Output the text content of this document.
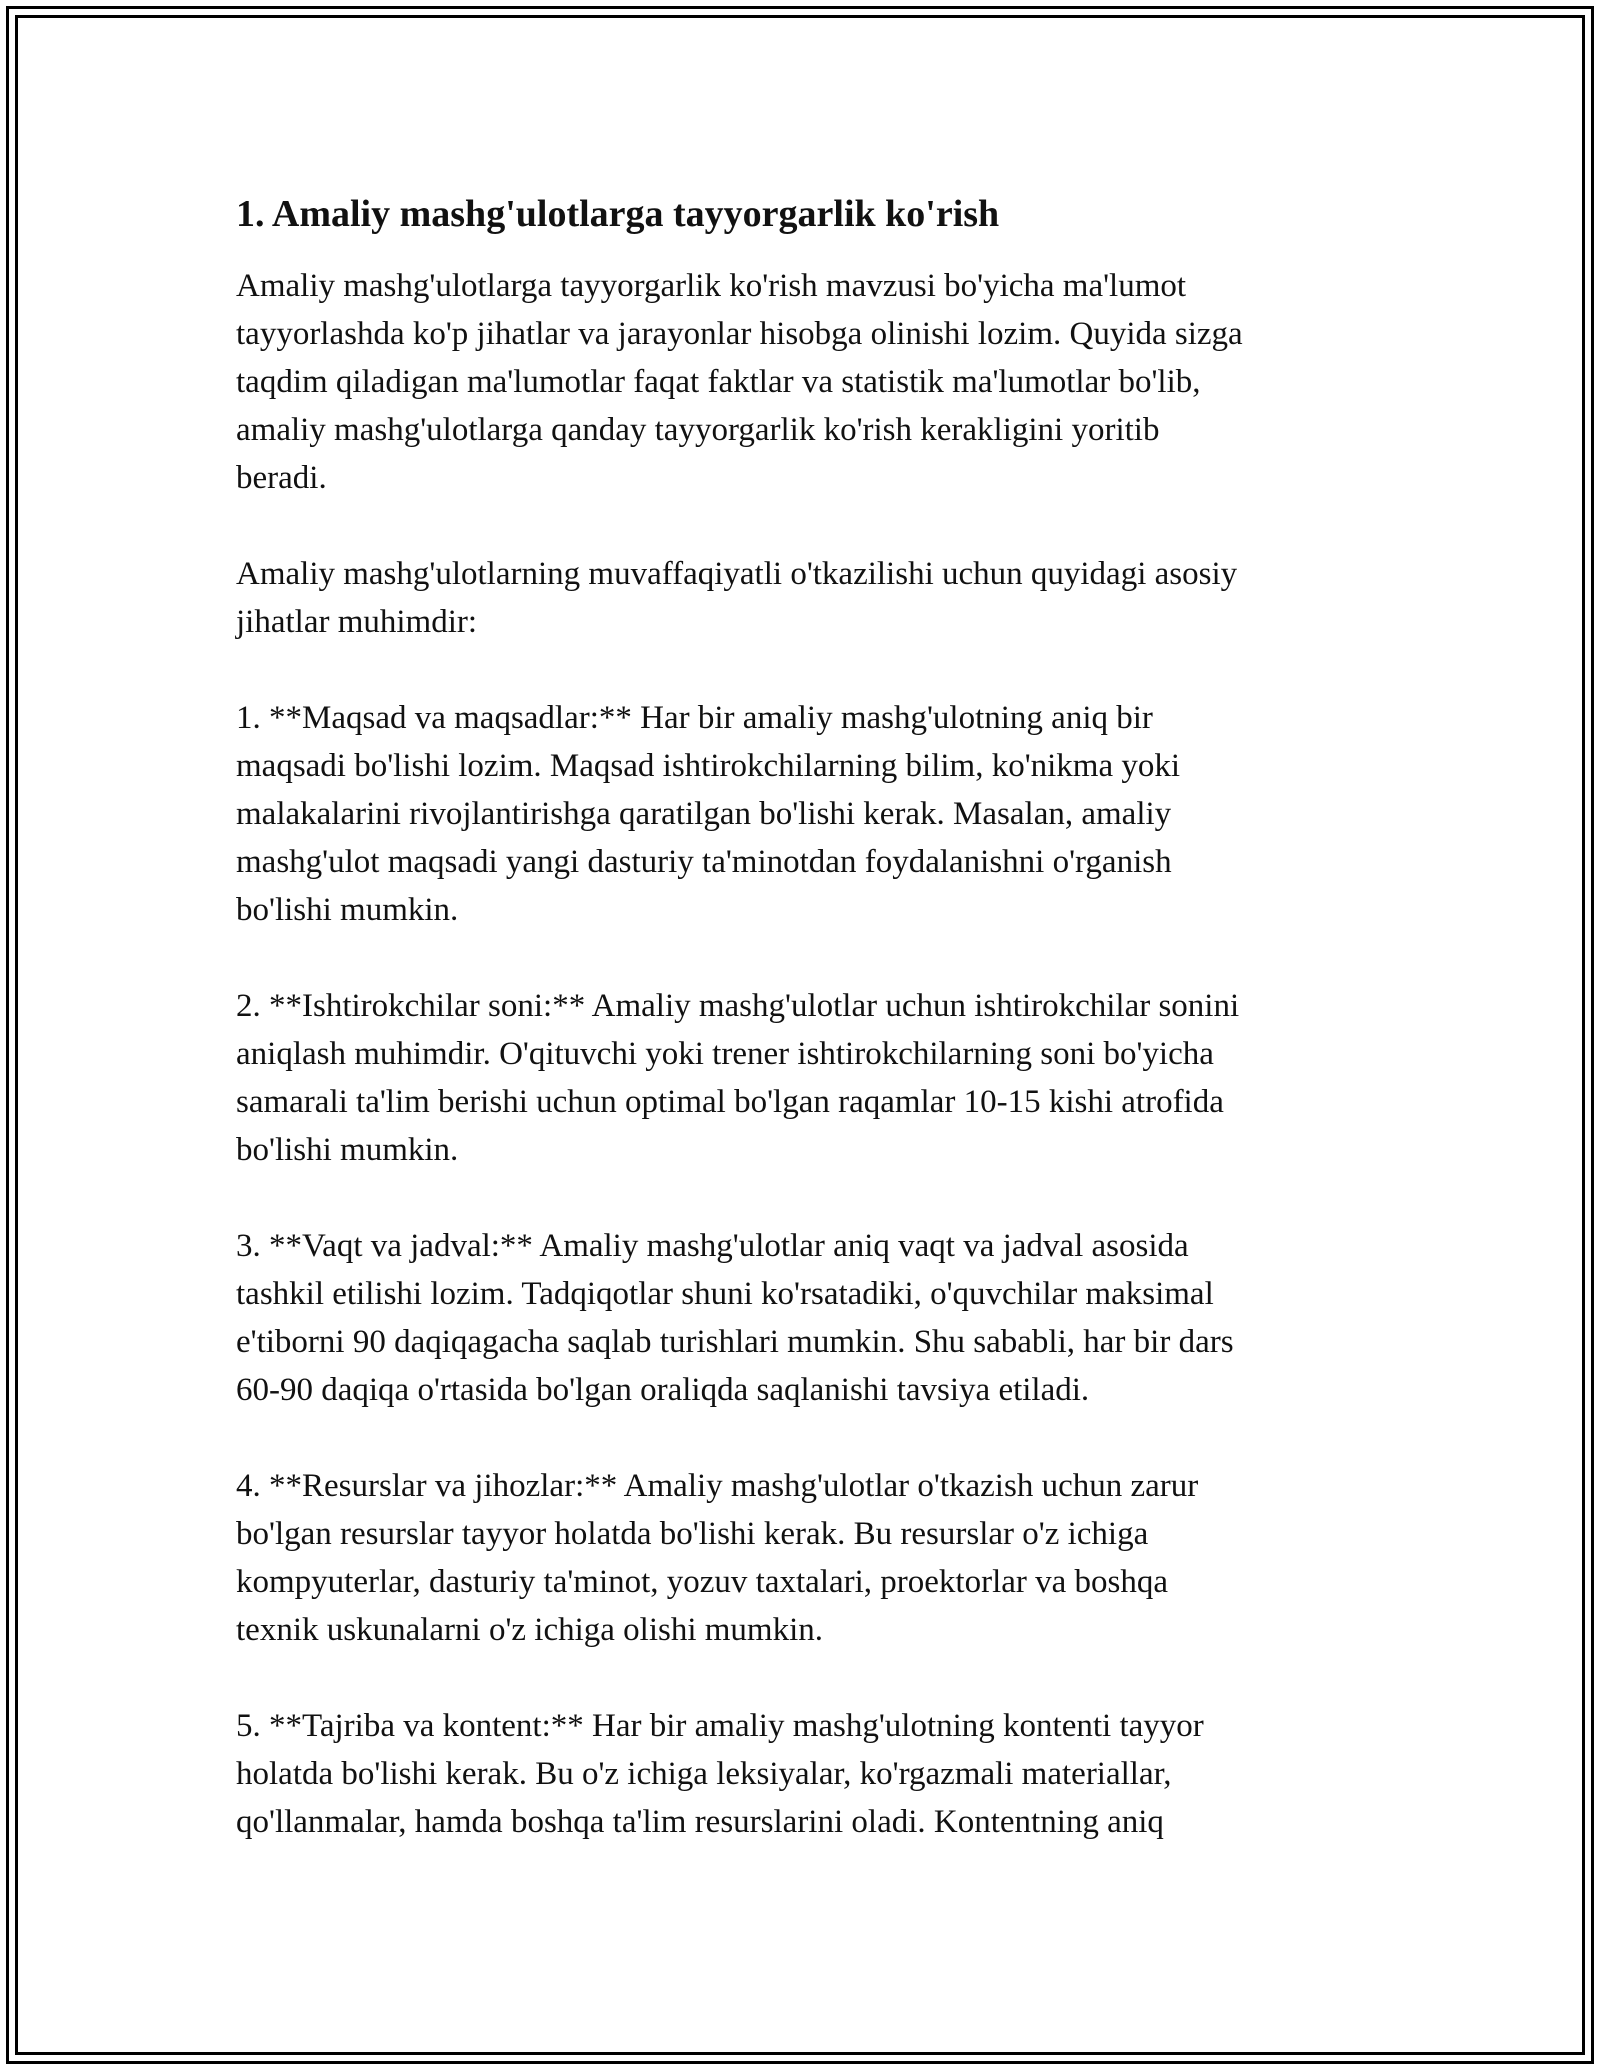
1. Amaliy mashg'ulotlarga tayyorgarlik ko'rish

Amaliy mashg'ulotlarga tayyorgarlik ko'rish mavzusi bo'yicha ma'lumot
tayyorlashda ko'p jihatlar va jarayonlar hisobga olinishi lozim. Quyida sizga
taqdim qiladigan ma'lumotlar faqat faktlar va statistik ma'lumotlar bo'lib,
amaliy mashg'ulotlarga qanday tayyorgarlik ko'rish kerakligini yoritib
beradi.

Amaliy mashg'ulotlarning muvaffaqiyatli o'tkazilishi uchun quyidagi asosiy
jihatlar muhimdir:

1. **Maqsad va maqsadlar:** Har bir amaliy mashg'ulotning aniq bir
maqsadi bo'lishi lozim. Maqsad ishtirokchilarning bilim, ko'nikma yoki
malakalarini rivojlantirishga qaratilgan bo'lishi kerak. Masalan, amaliy
mashg'ulot maqsadi yangi dasturiy ta'minotdan foydalanishni o'rganish
bo'lishi mumkin.

2. **Ishtirokchilar soni:** Amaliy mashg'ulotlar uchun ishtirokchilar sonini
aniqlash muhimdir. O'qituvchi yoki trener ishtirokchilarning soni bo'yicha
samarali ta'lim berishi uchun optimal bo'lgan raqamlar 10-15 kishi atrofida
bo'lishi mumkin.

3. **Vaqt va jadval:** Amaliy mashg'ulotlar aniq vaqt va jadval asosida
tashkil etilishi lozim. Tadqiqotlar shuni ko'rsatadiki, o'quvchilar maksimal
e'tiborni 90 daqiqagacha saqlab turishlari mumkin. Shu sababli, har bir dars
60-90 daqiqa o'rtasida bo'lgan oraliqda saqlanishi tavsiya etiladi.

4. **Resurslar va jihozlar:** Amaliy mashg'ulotlar o'tkazish uchun zarur
bo'lgan resurslar tayyor holatda bo'lishi kerak. Bu resurslar o'z ichiga
kompyuterlar, dasturiy ta'minot, yozuv taxtalari, proektorlar va boshqa
texnik uskunalarni o'z ichiga olishi mumkin.

5. **Tajriba va kontent:** Har bir amaliy mashg'ulotning kontenti tayyor
holatda bo'lishi kerak. Bu o'z ichiga leksiyalar, ko'rgazmali materiallar,
qo'llanmalar, hamda boshqa ta'lim resurslarini oladi. Kontentning aniq
